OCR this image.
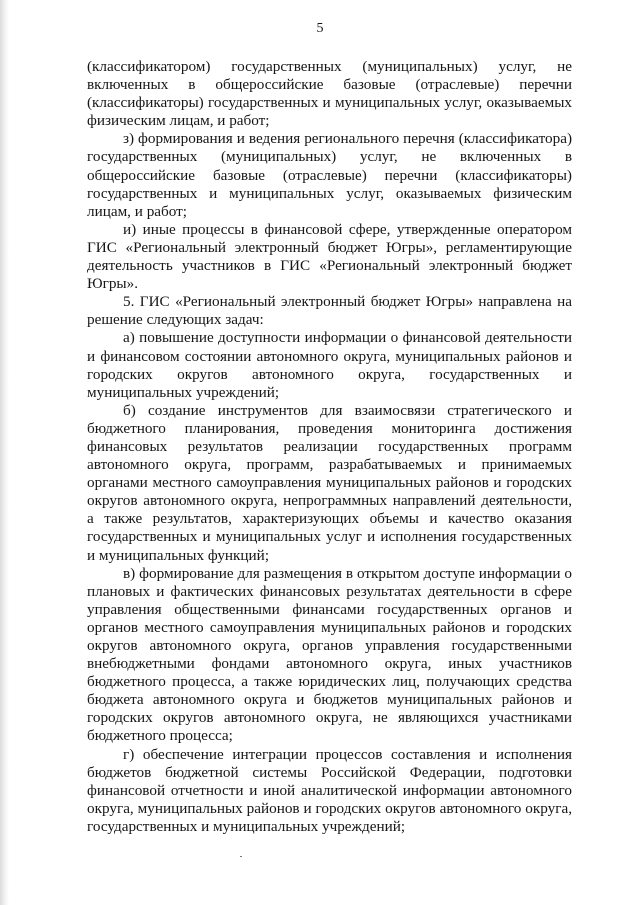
5

(классификатором) государственных (муниципальных) услуг, не включенных в общероссийские базовые (отраслевые) перечни (классификаторы) государственных и муниципальных услуг, оказываемых физическим лицам, и работ;

з) формирования и ведения регионального перечня (классификатора) государственных (муниципальных) услуг, не включенных в общероссийские базовые (отраслевые) перечни (классификаторы) государственных и муниципальных услуг, оказываемых физическим лицам, и работ;

и) иные процессы в финансовой сфере, утвержденные оператором ГИС «Региональный электронный бюджет Югры», регламентирующие деятельность участников в ГИС «Региональный электронный бюджет Югры».

5. ГИС «Региональный электронный бюджет Югры» направлена на решение следующих задач:

а) повышение доступности информации о финансовой деятельности и финансовом состоянии автономного округа, муниципальных районов и городских округов автономного округа, государственных и муниципальных учреждений;

б) создание инструментов для взаимосвязи стратегического и бюджетного планирования, проведения мониторинга достижения финансовых результатов реализации государственных программ автономного округа, программ, разрабатываемых и принимаемых органами местного самоуправления муниципальных районов и городских округов автономного округа, непрограммных направлений деятельности, а также результатов, характеризующих объемы и качество оказания государственных и муниципальных услуг и исполнения государственных и муниципальных функций;

в) формирование для размещения в открытом доступе информации о плановых и фактических финансовых результатах деятельности в сфере управления общественными финансами государственных органов и органов местного самоуправления муниципальных районов и городских округов автономного округа, органов управления государственными внебюджетными фондами автономного округа, иных участников бюджетного процесса, а также юридических лиц, получающих средства бюджета автономного округа и бюджетов муниципальных районов и городских округов автономного округа, не являющихся участниками бюджетного процесса;

г) обеспечение интеграции процессов составления и исполнения бюджетов бюджетной системы Российской Федерации, подготовки финансовой отчетности и иной аналитической информации автономного округа, муниципальных районов и городских округов автономного округа, государственных и муниципальных учреждений;
